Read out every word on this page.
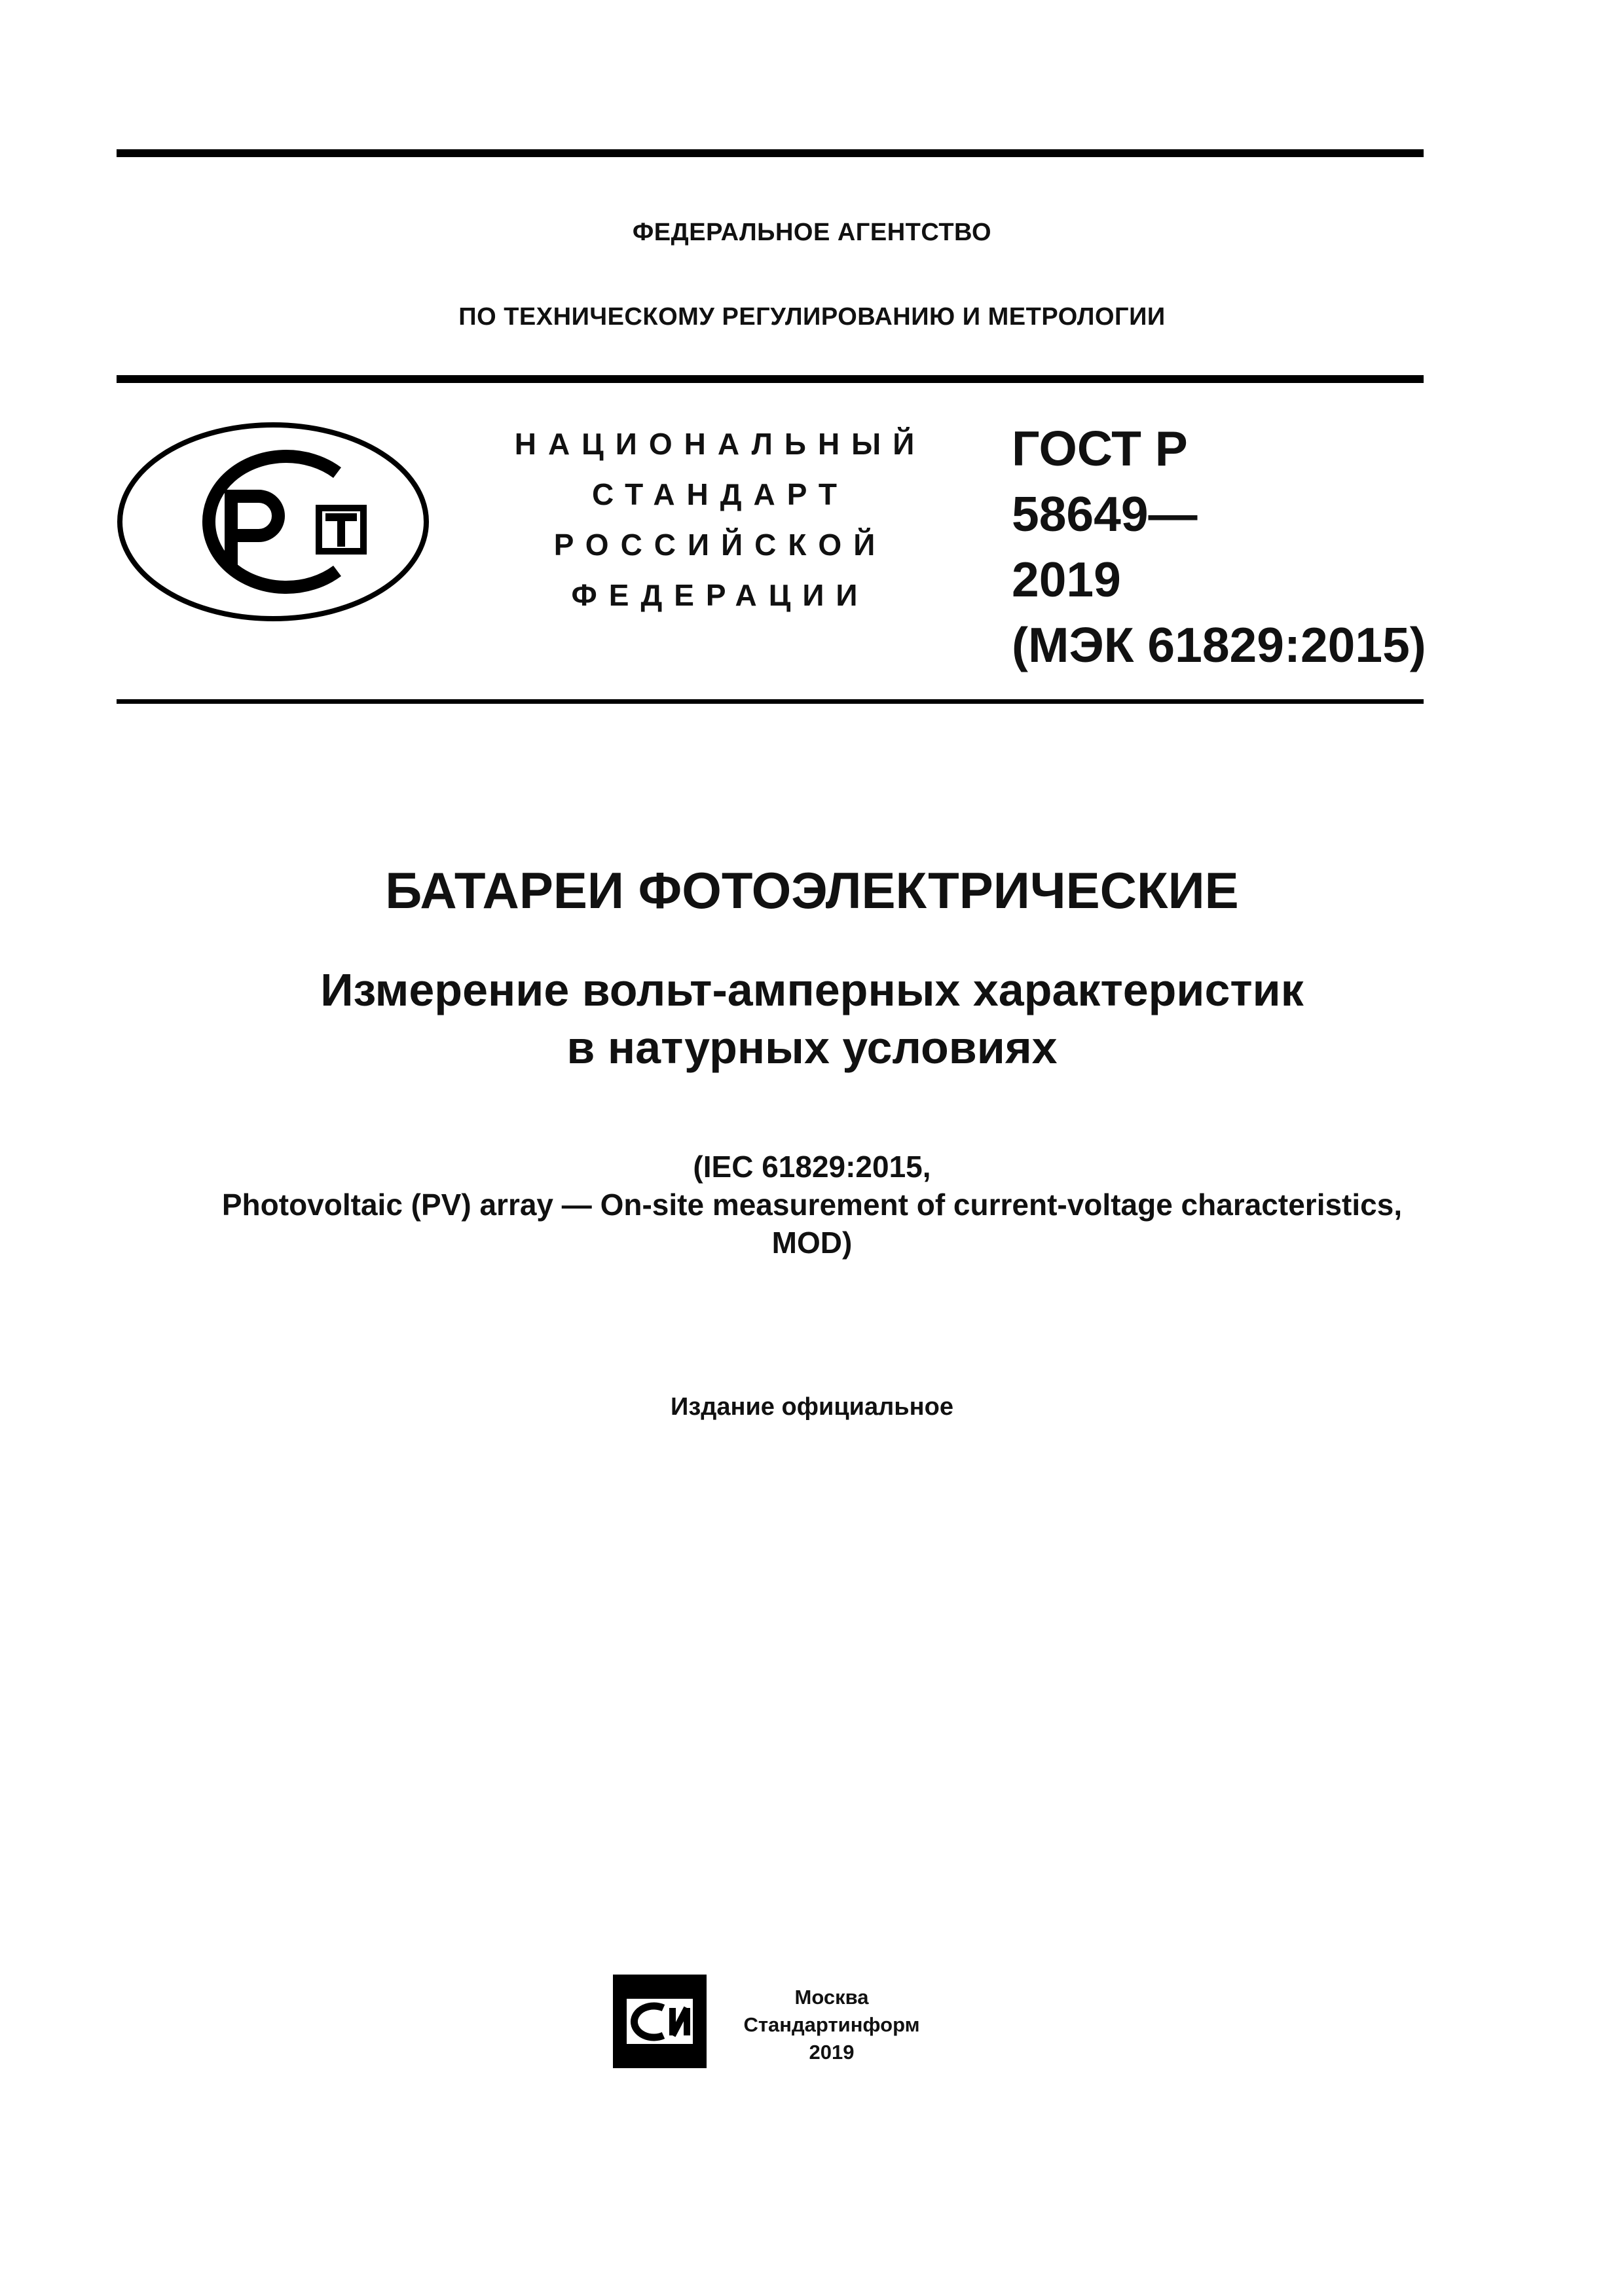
ФЕДЕРАЛЬНОЕ АГЕНТСТВО
ПО ТЕХНИЧЕСКОМУ РЕГУЛИРОВАНИЮ И МЕТРОЛОГИИ
НАЦИОНАЛЬНЫЙ
СТАНДАРТ
РОССИЙСКОЙ
ФЕДЕРАЦИИ
ГОСТ Р
58649—
2019
(МЭК 61829:2015)
БАТАРЕИ ФОТОЭЛЕКТРИЧЕСКИЕ
Измерение вольт-амперных характеристик
в натурных условиях
(IEC 61829:2015,
Photovoltaic (PV) array — On-site measurement of current-voltage characteristics,
MOD)
Издание официальное
Москва
Стандартинформ
2019
